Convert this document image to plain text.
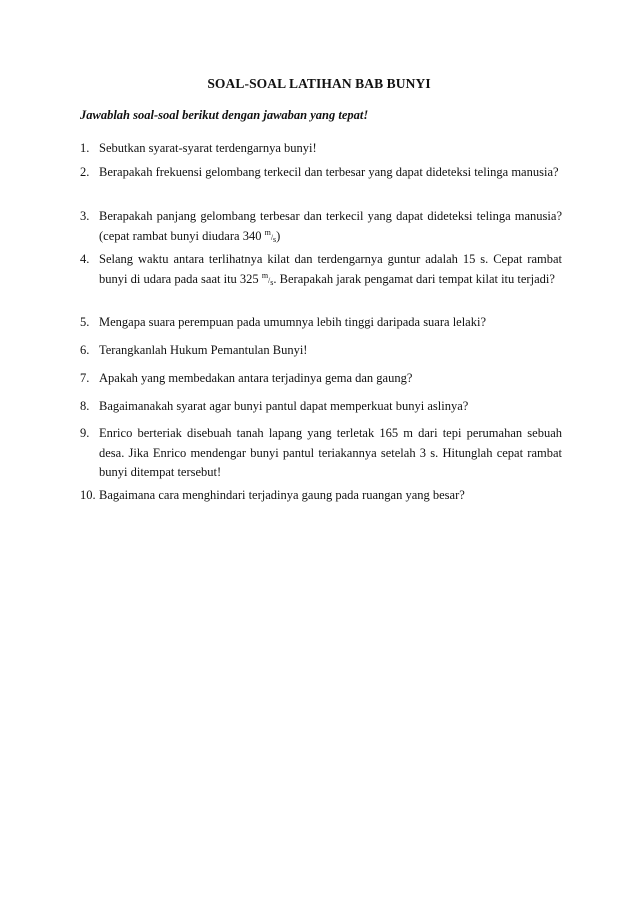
SOAL-SOAL LATIHAN BAB BUNYI
Jawablah soal-soal berikut dengan jawaban yang tepat!
1. Sebutkan syarat-syarat terdengarnya bunyi!
2. Berapakah frekuensi gelombang terkecil dan terbesar yang dapat dideteksi telinga manusia?
3. Berapakah panjang gelombang terbesar dan terkecil yang dapat dideteksi telinga manusia? (cepat rambat bunyi diudara 340 m/s)
4. Selang waktu antara terlihatnya kilat dan terdengarnya guntur adalah 15 s. Cepat rambat bunyi di udara pada saat itu 325 m/s. Berapakah jarak pengamat dari tempat kilat itu terjadi?
5. Mengapa suara perempuan pada umumnya lebih tinggi daripada suara lelaki?
6. Terangkanlah Hukum Pemantulan Bunyi!
7. Apakah yang membedakan antara terjadinya gema dan gaung?
8. Bagaimanakah syarat agar bunyi pantul dapat memperkuat bunyi aslinya?
9. Enrico berteriak disebuah tanah lapang yang terletak 165 m dari tepi perumahan sebuah desa. Jika Enrico mendengar bunyi pantul teriakannya setelah 3 s. Hitunglah cepat rambat bunyi ditempat tersebut!
10. Bagaimana cara menghindari terjadinya gaung pada ruangan yang besar?
